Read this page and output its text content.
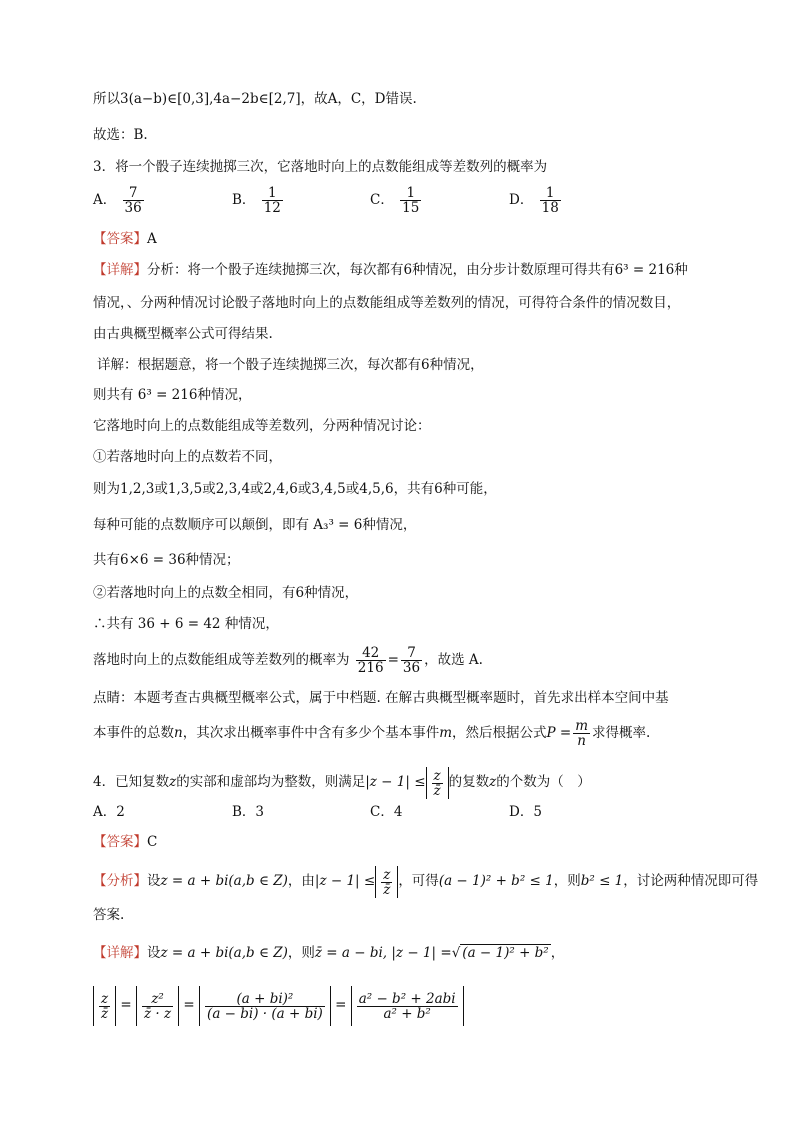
所以3(a−b)∈[0,3],4a−2b∈[2,7]，故A，C，D错误.
故选：B.
3．将一个骰子连续抛掷三次，它落地时向上的点数能组成等差数列的概率为
A． $\frac{7}{36}$	B． $\frac{1}{12}$	C． $\frac{1}{15}$	D． $\frac{1}{18}$
【答案】A
【详解】分析：将一个骰子连续抛掷三次，每次都有6种情况，由分步计数原理可得共有6³ = 216种
情况，、分两种情况讨论骰子落地时向上的点数能组成等差数列的情况，可得符合条件的情况数目，
由古典概型概率公式可得结果.
详解：根据题意，将一个骰子连续抛掷三次，每次都有6种情况，
则共有 6³ = 216种情况，
它落地时向上的点数能组成等差数列，分两种情况讨论：
①若落地时向上的点数若不同，
则为1,2,3或1,3,5或2,3,4或2,4,6或3,4,5或4,5,6，共有6种可能，
每种可能的点数顺序可以颠倒，即有 A₃³ = 6种情况，
共有6×6 = 36种情况；
②若落地时向上的点数全相同，有6种情况，
∴共有 36 + 6 = 42 种情况，
落地时向上的点数能组成等差数列的概率为 $\frac{42}{216} = \frac{7}{36}$ ，故选 A.
点睛：本题考查古典概型概率公式，属于中档题. 在解古典概型概率题时，首先求出样本空间中基
本事件的总数n，其次求出概率事件中含有多少个基本事件m，然后根据公式$P = \frac{m}{n}$ 求得概率.
4．已知复数z的实部和虚部均为整数，则满足$|z - 1| \le \frac{z}{z̄}$ 的复数z的个数为（　）
A．2	B．3	C．4	D．5
【答案】C
【分析】设z = a + bi(a,b ∈ Z)，由$|z - 1| \le \frac{z}{z̄}$ ，可得(a − 1)² + b² ≤ 1，则b² ≤ 1，讨论两种情况即可得
答案.
【详解】设z = a + bi(a,b ∈ Z)，则z̄ = a − bi, |z − 1| =√ (a − 1)² + b² ，
$\frac{z}{z̄} = \frac{\text{z²}}{z̄ \cdot z} = \frac{\text{(a + bi)²}}{(a - bi) \cdot (a + bi)} = \frac{\text{a² − b² + 2abi}}{\text{a² + b²}}$
